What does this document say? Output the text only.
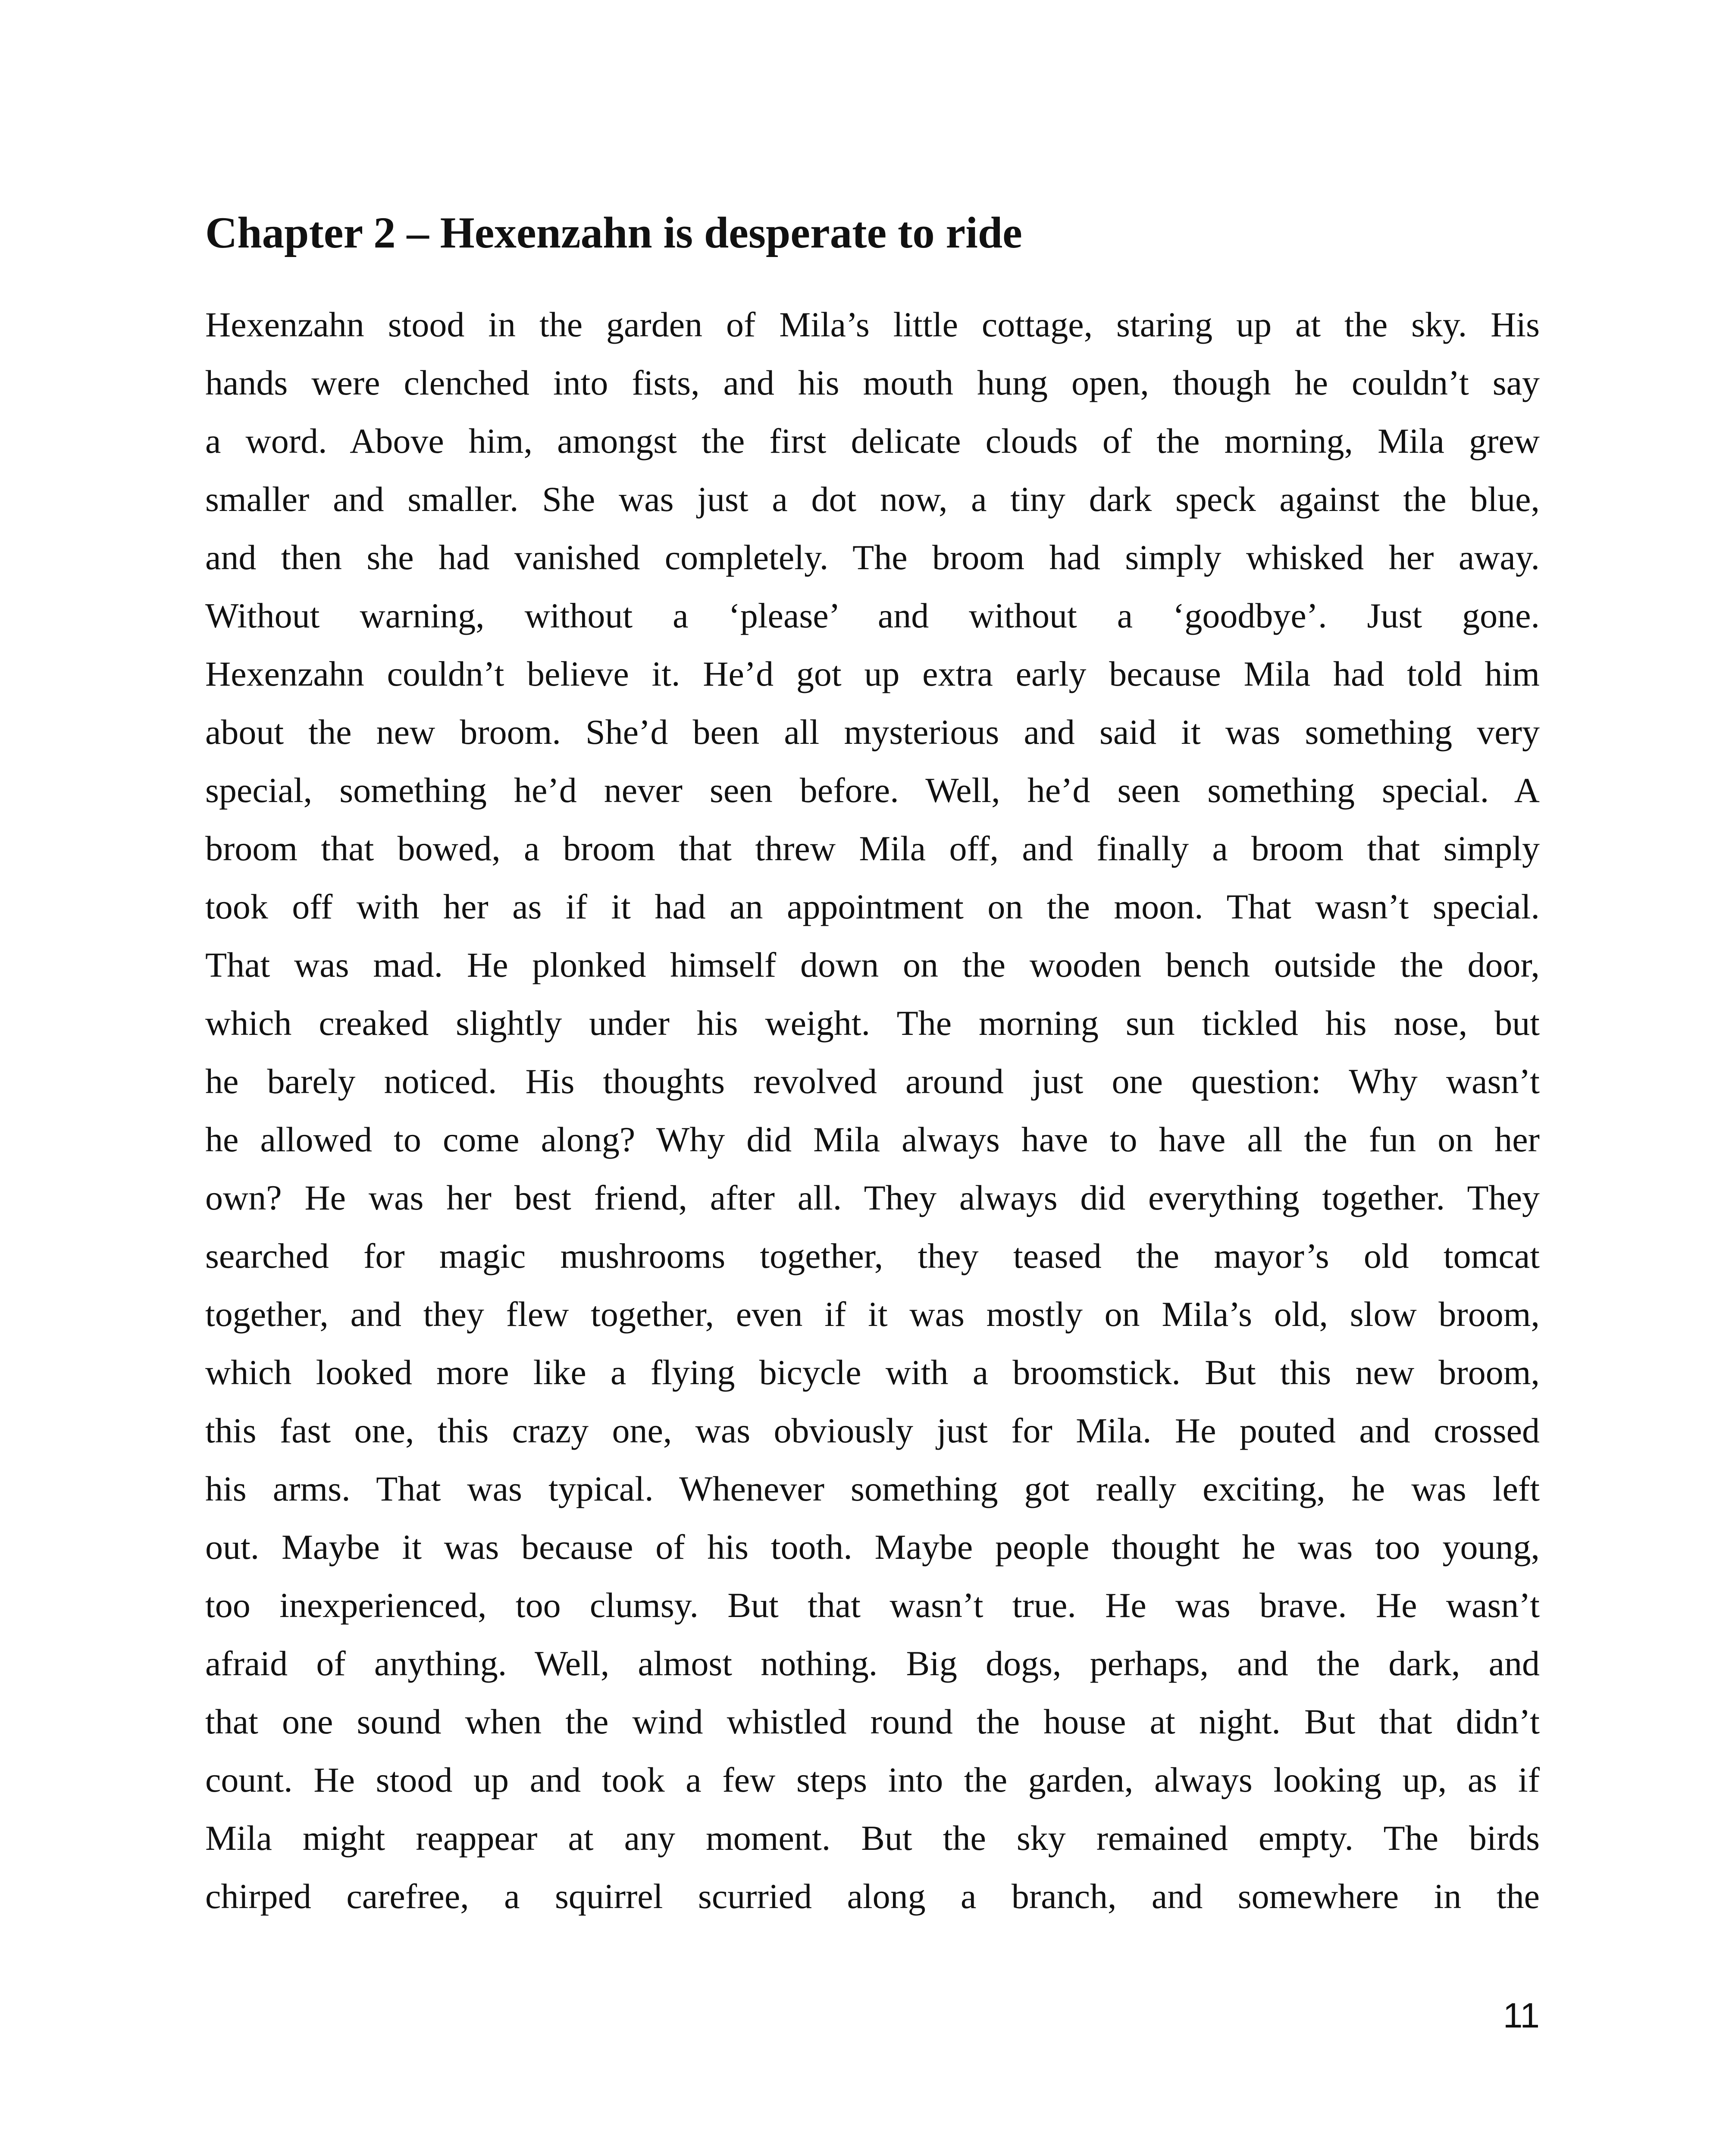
Chapter 2 – Hexenzahn is desperate to ride
Hexenzahn stood in the garden of Mila’s little cottage, staring up at the sky. His
hands were clenched into fists, and his mouth hung open, though he couldn’t say
a word. Above him, amongst the first delicate clouds of the morning, Mila grew
smaller and smaller. She was just a dot now, a tiny dark speck against the blue,
and then she had vanished completely. The broom had simply whisked her away.
Without warning, without a ‘please’ and without a ‘goodbye’. Just gone.
Hexenzahn couldn’t believe it. He’d got up extra early because Mila had told him
about the new broom. She’d been all mysterious and said it was something very
special, something he’d never seen before. Well, he’d seen something special. A
broom that bowed, a broom that threw Mila off, and finally a broom that simply
took off with her as if it had an appointment on the moon. That wasn’t special.
That was mad. He plonked himself down on the wooden bench outside the door,
which creaked slightly under his weight. The morning sun tickled his nose, but
he barely noticed. His thoughts revolved around just one question: Why wasn’t
he allowed to come along? Why did Mila always have to have all the fun on her
own? He was her best friend, after all. They always did everything together. They
searched for magic mushrooms together, they teased the mayor’s old tomcat
together, and they flew together, even if it was mostly on Mila’s old, slow broom,
which looked more like a flying bicycle with a broomstick. But this new broom,
this fast one, this crazy one, was obviously just for Mila. He pouted and crossed
his arms. That was typical. Whenever something got really exciting, he was left
out. Maybe it was because of his tooth. Maybe people thought he was too young,
too inexperienced, too clumsy. But that wasn’t true. He was brave. He wasn’t
afraid of anything. Well, almost nothing. Big dogs, perhaps, and the dark, and
that one sound when the wind whistled round the house at night. But that didn’t
count. He stood up and took a few steps into the garden, always looking up, as if
Mila might reappear at any moment. But the sky remained empty. The birds
chirped carefree, a squirrel scurried along a branch, and somewhere in the
11
